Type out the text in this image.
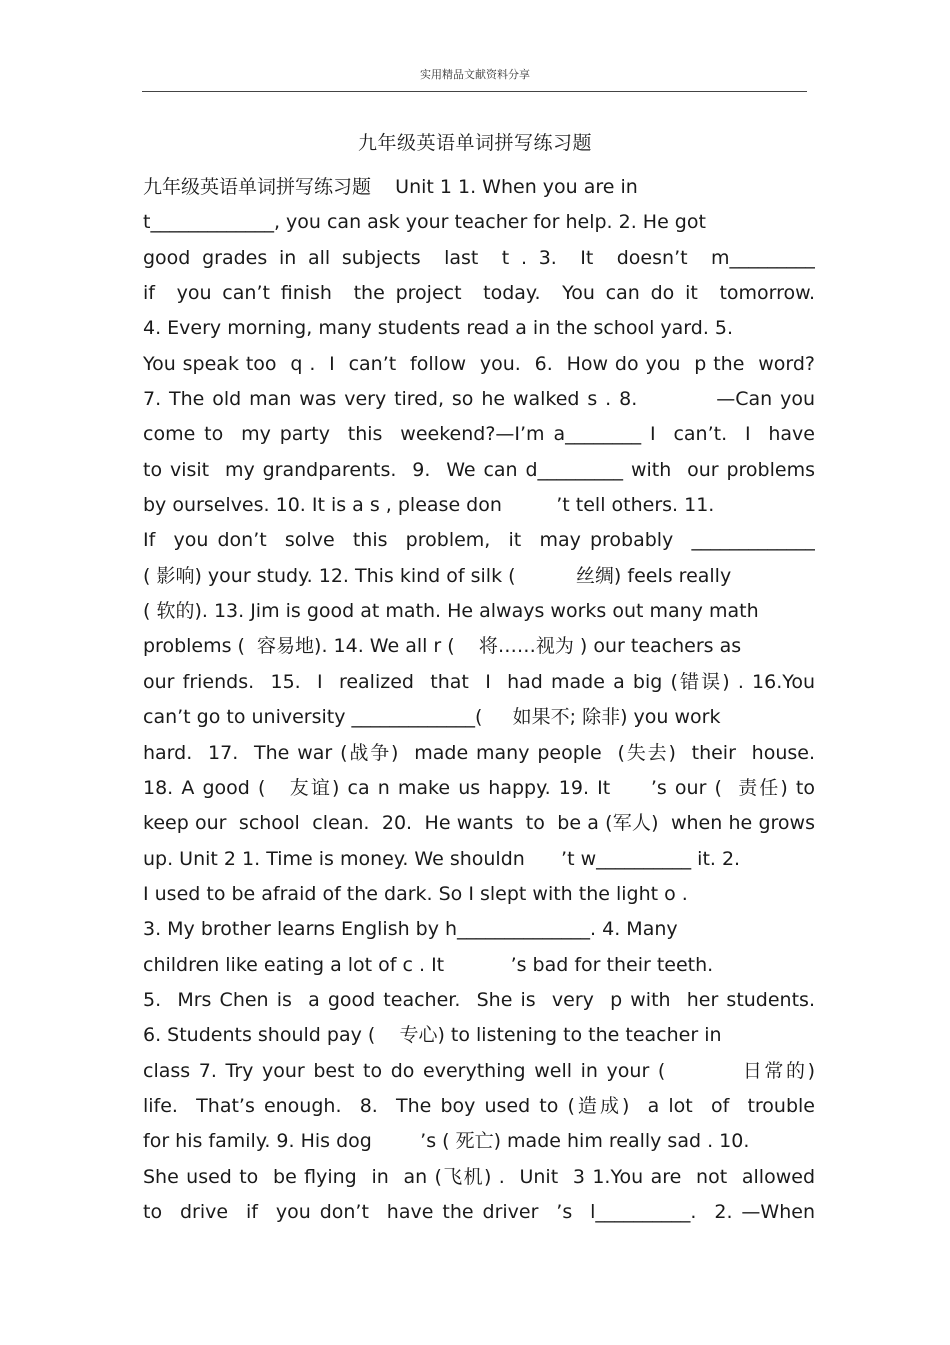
实用精品文献资料分享
九年级英语单词拼写练习题
九年级英语单词拼写练习题    Unit 1 1. When you are in
t_____________, you can ask your teacher for help. 2. He got
good grades in all subjects  last  t . 3.  It  doesn’t  m_________
if  you can’t finish  the project  today.  You can do it  tomorrow.
4. Every morning, many students read a in the school yard. 5.
You speak too  q .  I  can’t  follow  you.  6.  How do you  p the  word?
7. The old man was very tired, so he walked s . 8.          —Can you
come to  my party  this  weekend?—I’m a________ I  can’t.  I  have
to visit  my grandparents.  9.  We can d_________ with  our problems
by ourselves. 10. It is a s , please don         ’t tell others. 11.
If  you don’t  solve  this  problem,  it  may probably  _____________
( 影响) your study. 12. This kind of silk (          丝绸) feels really
( 软的). 13. Jim is good at math. He always works out many math
problems (  容易地). 14. We all r (    将……视为 ) our teachers as
our friends.  15.  I  realized  that  I  had made a big (错误) . 16.You
can’t go to university _____________(     如果不; 除非) you work
hard.  17.  The war (战争)  made many people  (失去)  their  house.
18. A good (   友谊) ca n make us happy. 19. It     ’s our (  责任) to
keep our  school  clean.  20.  He wants  to  be a (军人)  when he grows
up. Unit 2 1. Time is money. We shouldn      ’t w__________ it. 2.
I used to be afraid of the dark. So I slept with the light o .
3. My brother learns English by h______________. 4. Many
children like eating a lot of c . It           ’s bad for their teeth.
5.  Mrs Chen is  a good teacher.  She is  very  p with  her students.
6. Students should pay (    专心) to listening to the teacher in
class 7. Try your best to do everything well in your (         日常的)
life.  That’s enough.  8.  The boy used to (造成)  a lot  of  trouble
for his family. 9. His dog        ’s ( 死亡) made him really sad . 10.
She used to  be flying  in  an (飞机) .  Unit  3 1.You are  not  allowed
to  drive  if  you don’t  have the driver  ’s  l__________.  2. —When
